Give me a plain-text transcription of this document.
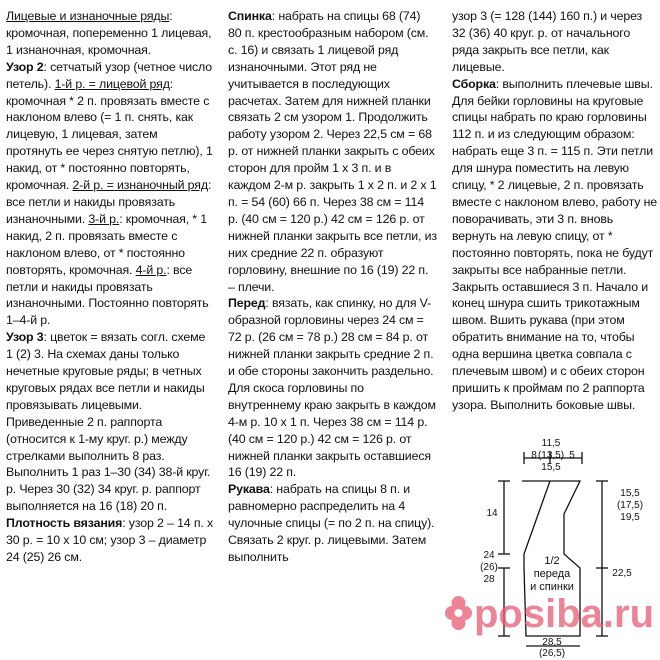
Лицевые и изнаночные ряды: кромочная, попеременно 1 лицевая, 1 изнаночная, кромочная.

Узор 2: сетчатый узор (четное число петель). 1-й р. = лицевой ряд: кромочная * 2 п. провязать вместе с наклоном влево (= 1 п. снять, как лицевую, 1 лицевая, затем протянуть ее через снятую петлю), 1 накид, от * постоянно повторять, кромочная. 2-й р. = изнаночный ряд: все петли и накиды провязать изнаночными. 3-й р.: кромочная, * 1 накид, 2 п. провязать вместе с наклоном влево, от * постоянно повторять, кромочная. 4-й р.: все петли и накиды провязать изнаночными. Постоянно повторять 1–4-й р.

Узор 3: цветок = вязать согл. схеме 1 (2) 3. На схемах даны только нечетные круговые ряды; в четных круговых рядах все петли и накиды провязывать лицевыми. Приведенные 2 п. раппорта (относится к 1-му круг. р.) между стрелками выполнить 8 раз. Выполнить 1 раз 1–30 (34) 38-й круг. р. Через 30 (32) 34 круг. р. раппорт выполняется на 16 (18) 20 п.

Плотность вязания: узор 2 – 14 п. х 30 р. = 10 х 10 см; узор 3 – диаметр 24 (25) 26 см.

Спинка: набрать на спицы 68 (74) 80 п. крестообразным набором (см. с. 16) и связать 1 лицевой ряд изнаночными. Этот ряд не учитывается в последующих расчетах. Затем для нижней планки связать 2 см узором 1. Продолжить работу узором 2. Через 22,5 см = 68 р. от нижней планки закрыть с обеих сторон для пройм 1 х 3 п. и в каждом 2-м р. закрыть 1 х 2 п. и 2 х 1 п. = 54 (60) 66 п. Через 38 см = 114 р. (40 см = 120 р.) 42 см = 126 р. от нижней планки закрыть все петли, из них средние 22 п. образуют горловину, внешние по 16 (19) 22 п. – плечи.

Перед: вязать, как спинку, но для V-образной горловины через 24 см = 72 р. (26 см = 78 р.) 28 см = 84 р. от нижней планки закрыть средние 2 п. и обе стороны закончить раздельно. Для скоса горловины по внутреннему краю закрыть в каждом 4-м р. 10 х 1 п. Через 38 см = 114 р. (40 см = 120 р.) 42 см = 126 р. от нижней планки закрыть оставшиеся 16 (19) 22 п.

Рукава: набрать на спицы 8 п. и равномерно распределить на 4 чулочные спицы (= по 2 п. на спицу). Связать 2 круг. р. лицевыми. Затем выполнить

узор 3 (= 128 (144) 160 п.) и через 32 (36) 40 круг. р. от начального ряда закрыть все петли, как лицевые.

Сборка: выполнить плечевые швы. Для бейки горловины на круговые спицы набрать по краю горловины 112 п. и из следующим образом: набрать еще 3 п. = 115 п. Эти петли для шнура поместить на левую спицу, * 2 лицевые, 2 п. провязать вместе с наклоном влево, работу не поворачивать, эти 3 п. вновь вернуть на левую спицу, от * постоянно повторять, пока не будут закрыты все набранные петли. Закрыть оставшиеся 3 п. Начало и конец шнура сшить трикотажным швом. Вшить рукава (при этом обратить внимание на то, чтобы одна вершина цветка совпала с плечевым швом) и с обеих сторон пришить к проймам по 2 раппорта узора. Выполнить боковые швы.

11,5
(13,5)
15,5
8	5
14
15,5
(17,5)
19,5
22,5
24
(26)
28
1/2
переда
и спинки
28,5
(26,5)
posiba.ru
